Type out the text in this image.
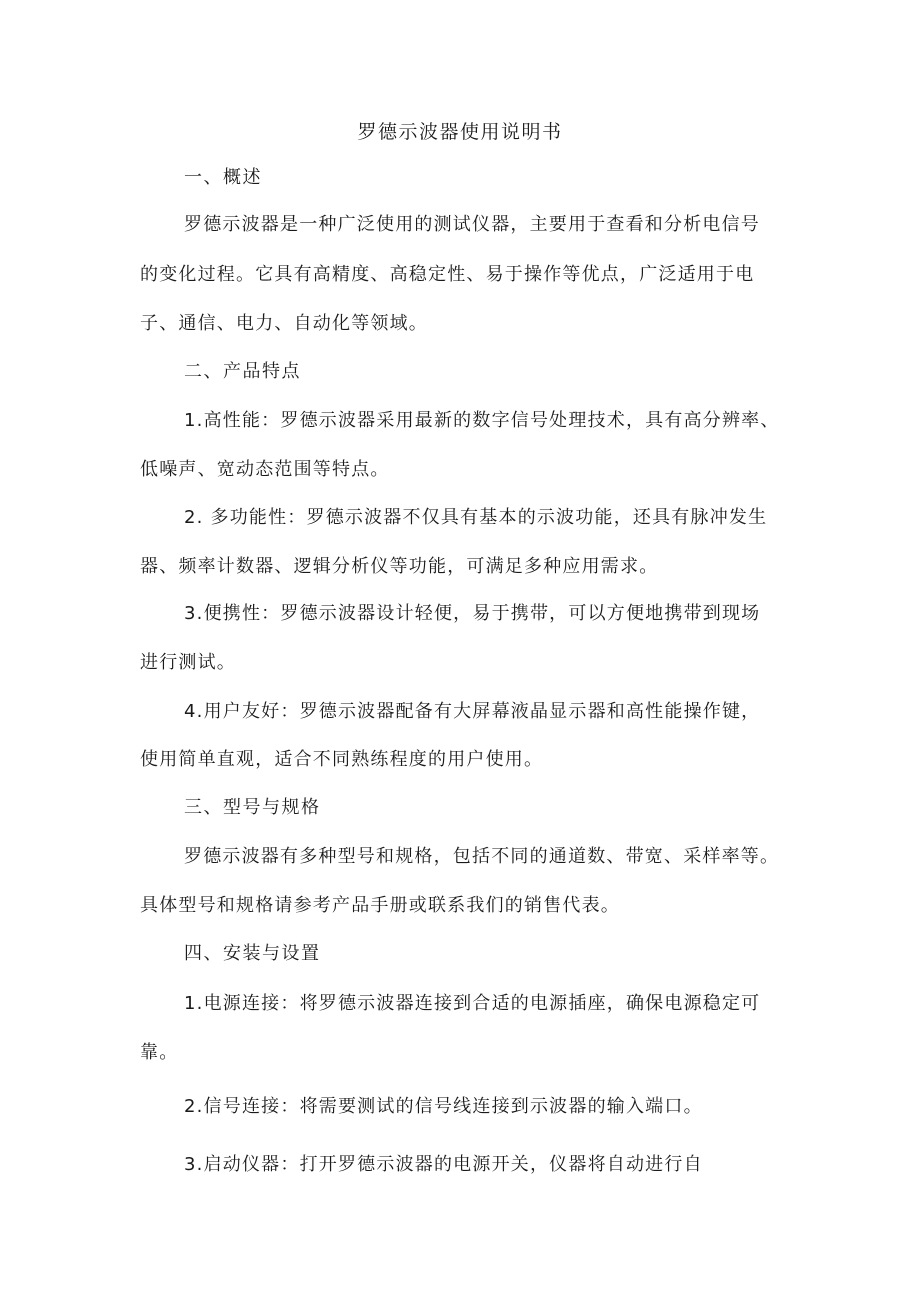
罗德示波器使用说明书
一、概述
罗德示波器是一种广泛使用的测试仪器，主要用于查看和分析电信号
的变化过程。它具有高精度、高稳定性、易于操作等优点，广泛适用于电
子、通信、电力、自动化等领域。
二、产品特点
1.高性能：罗德示波器采用最新的数字信号处理技术，具有高分辨率、
低噪声、宽动态范围等特点。
2. 多功能性：罗德示波器不仅具有基本的示波功能，还具有脉冲发生
器、频率计数器、逻辑分析仪等功能，可满足多种应用需求。
3.便携性：罗德示波器设计轻便，易于携带，可以方便地携带到现场
进行测试。
4.用户友好：罗德示波器配备有大屏幕液晶显示器和高性能操作键，
使用简单直观，适合不同熟练程度的用户使用。
三、型号与规格
罗德示波器有多种型号和规格，包括不同的通道数、带宽、采样率等。
具体型号和规格请参考产品手册或联系我们的销售代表。
四、安装与设置
1.电源连接：将罗德示波器连接到合适的电源插座，确保电源稳定可
靠。
2.信号连接：将需要测试的信号线连接到示波器的输入端口。
3.启动仪器：打开罗德示波器的电源开关，仪器将自动进行自
